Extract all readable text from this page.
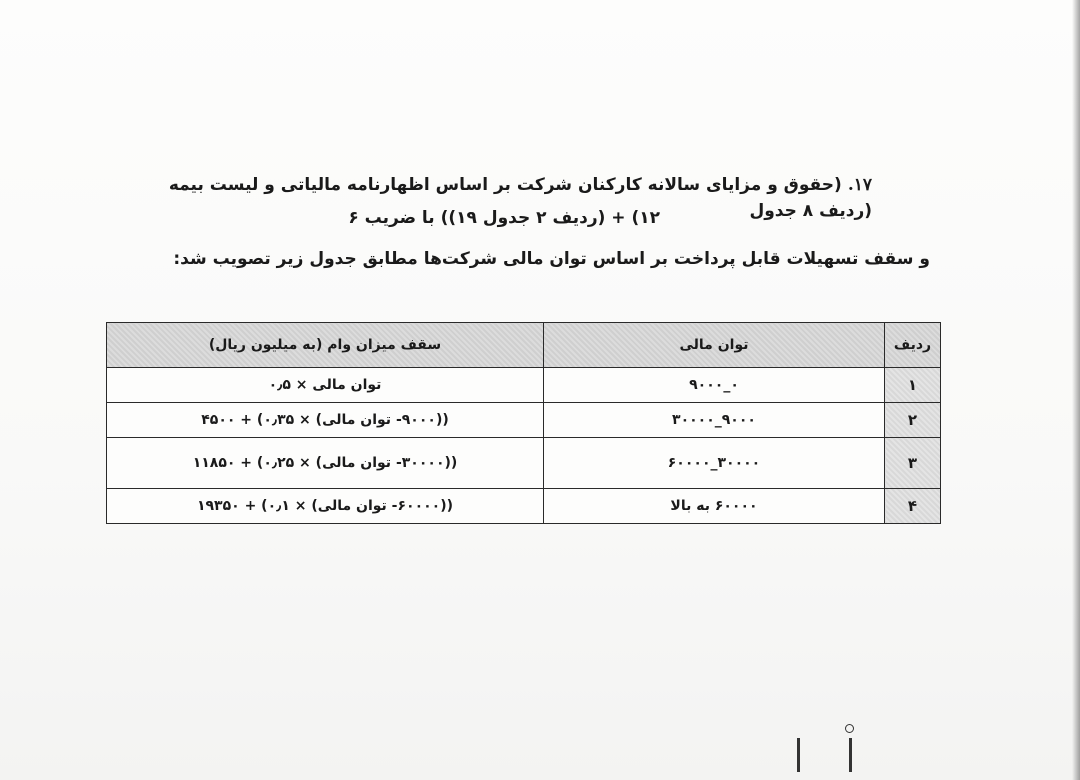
۱۷.(حقوق و مزایای سالانه کارکنان شرکت بر اساس اظهارنامه مالیاتی و لیست بیمه (ردیف ۸ جدول
۱۲) + (ردیف ۲ جدول ۱۹)) با ضریب ۶
و سقف تسهیلات قابل پرداخت بر اساس توان مالی شرکت‌ها مطابق جدول زیر تصویب شد:
ردیف	توان مالی	سقف میزان وام (به میلیون ریال)
۱	۰_۹۰۰۰	توان مالی × ۰٫۵
۲	۹۰۰۰_۳۰۰۰۰	((۹۰۰۰- توان مالی) × ۰٫۳۵) + ۴۵۰۰
۳	۳۰۰۰۰_۶۰۰۰۰	((۳۰۰۰۰- توان مالی) × ۰٫۲۵) + ۱۱۸۵۰
۴	۶۰۰۰۰ به بالا	((۶۰۰۰۰- توان مالی) × ۰٫۱) + ۱۹۳۵۰
